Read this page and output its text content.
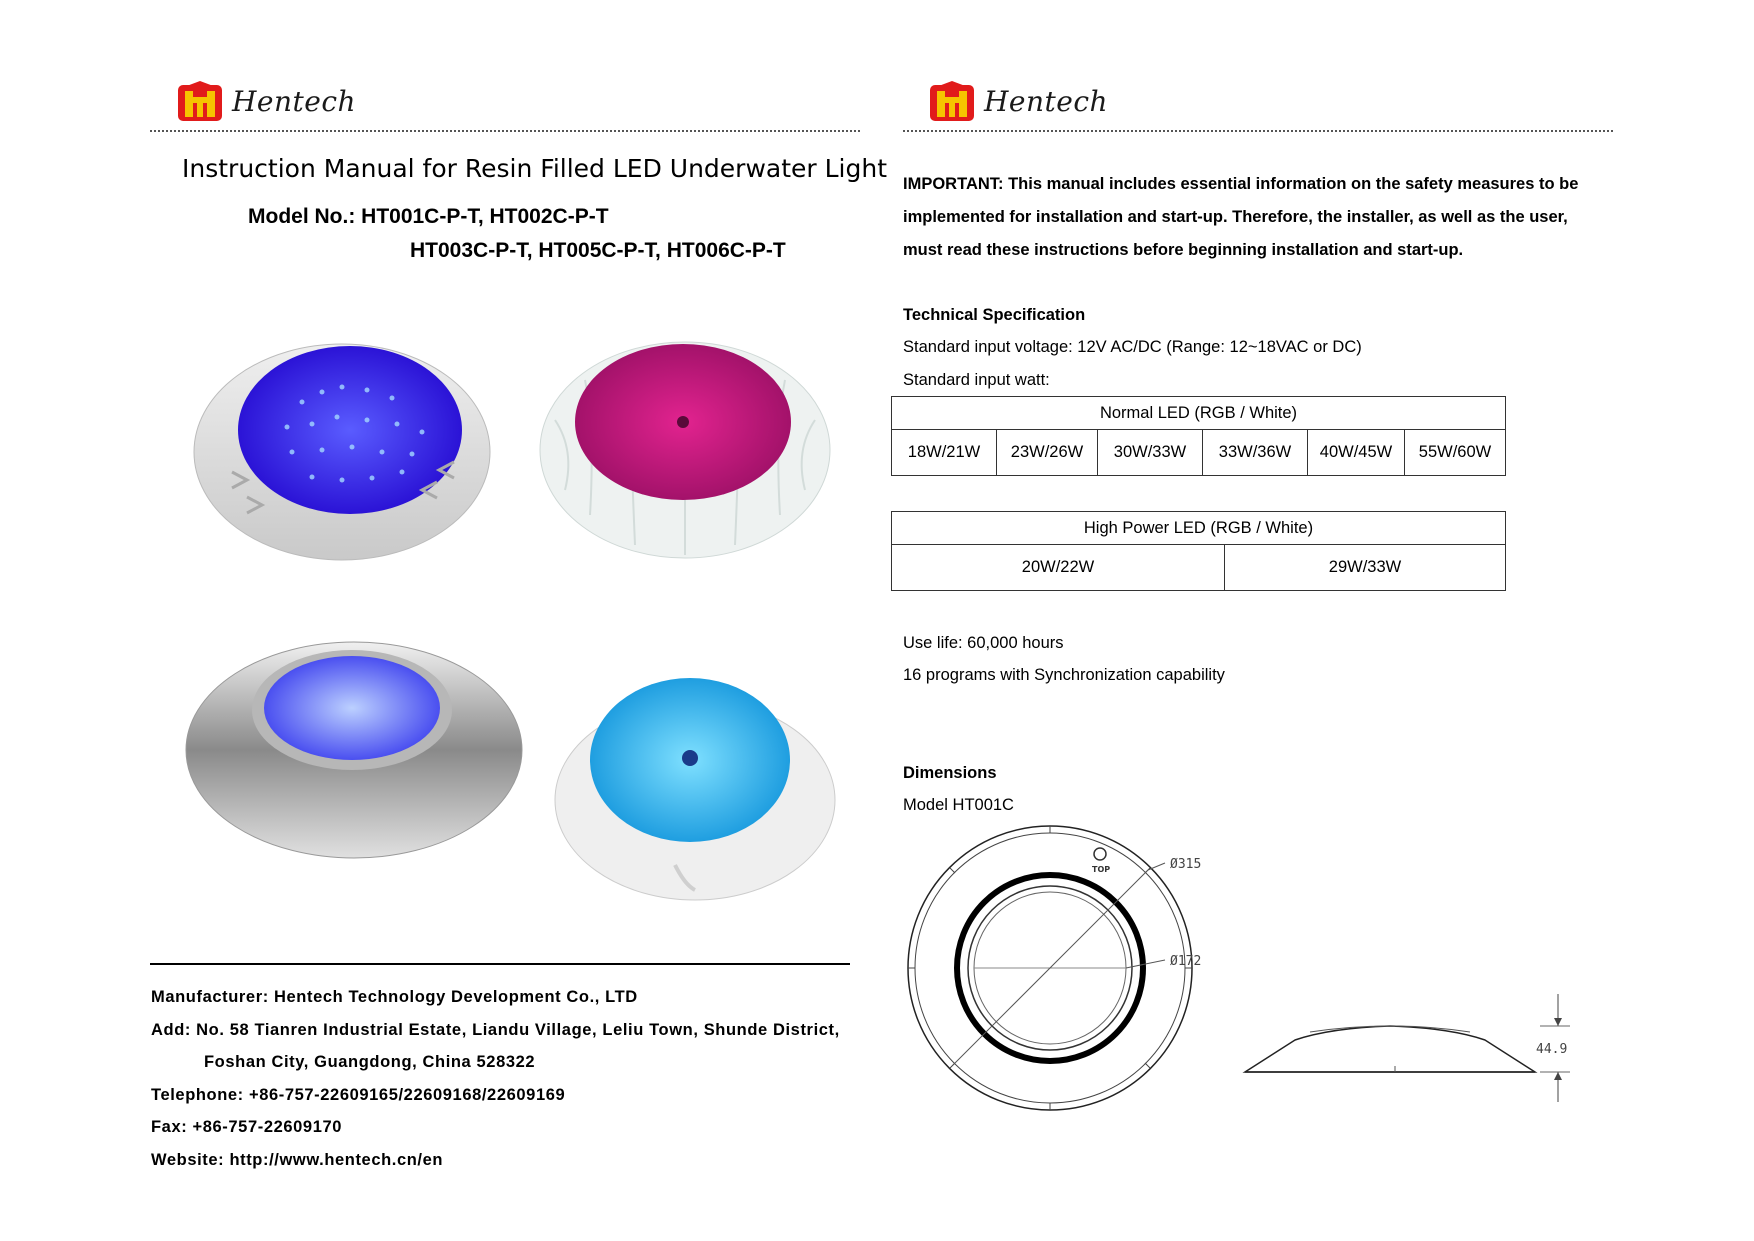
Hentech
Instruction Manual for Resin Filled LED Underwater Light
Model No.: HT001C-P-T, HT002C-P-T
HT003C-P-T, HT005C-P-T, HT006C-P-T
Manufacturer: Hentech Technology Development Co., LTD
Add: No. 58 Tianren Industrial Estate, Liandu Village, Leliu Town, Shunde District,
Foshan City, Guangdong, China 528322
Telephone: +86-757-22609165/22609168/22609169
Fax: +86-757-22609170
Website: http://www.hentech.cn/en
Hentech
IMPORTANT: This manual includes essential information on the safety measures to be
implemented for installation and start-up. Therefore, the installer, as well as the user,
must read these instructions before beginning installation and start-up.
Technical Specification
Standard input voltage: 12V AC/DC (Range: 12~18VAC or DC)
Standard input watt:
Normal LED (RGB / White)
18W/21W	23W/26W	30W/33W	33W/36W	40W/45W	55W/60W
High Power LED (RGB / White)
20W/22W	29W/33W
Use life: 60,000 hours
16 programs with Synchronization capability
Dimensions
Model HT001C
TOP	Ø315
Ø172
44.9
